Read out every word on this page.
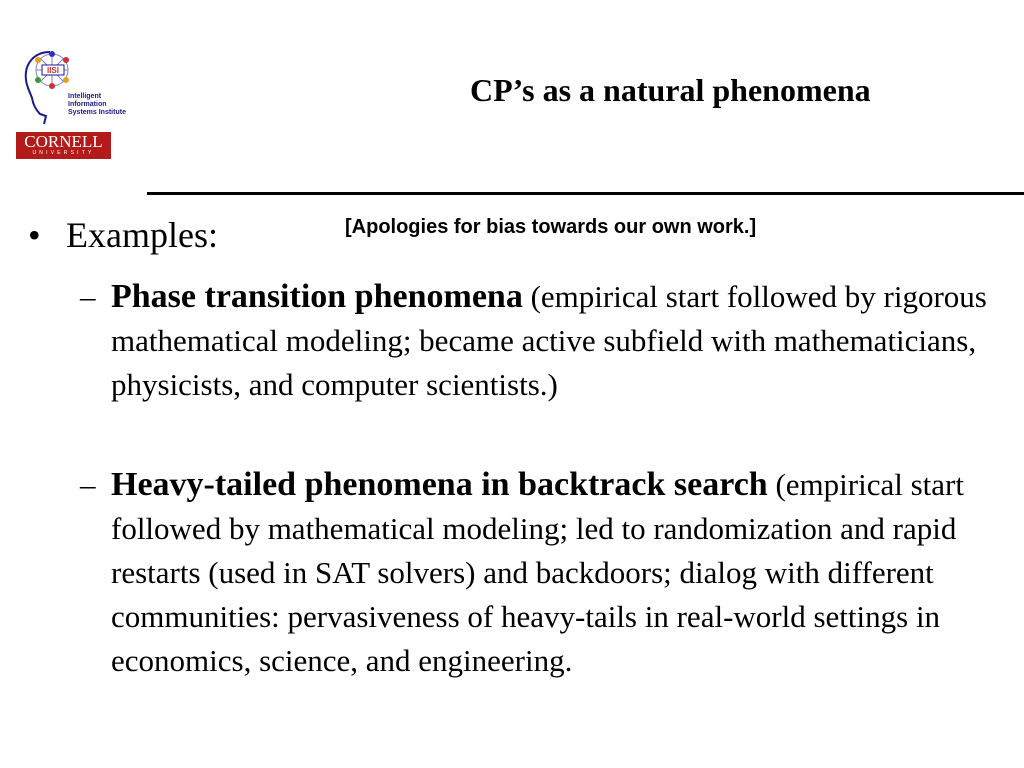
IISI
Intelligent Information
Systems Institute
CORNELL
UNIVERSITY
CP’s as a natural phenomena
• Examples:	[Apologies for bias towards our own work.]
– Phase transition phenomena (empirical start followed by rigorous mathematical modeling; became active subfield with mathematicians, physicists, and computer scientists.)
– Heavy-tailed phenomena in backtrack search (empirical start followed by mathematical modeling; led to randomization and rapid restarts (used in SAT solvers) and backdoors; dialog with different communities: pervasiveness of heavy-tails in real-world settings in economics, science, and engineering.
